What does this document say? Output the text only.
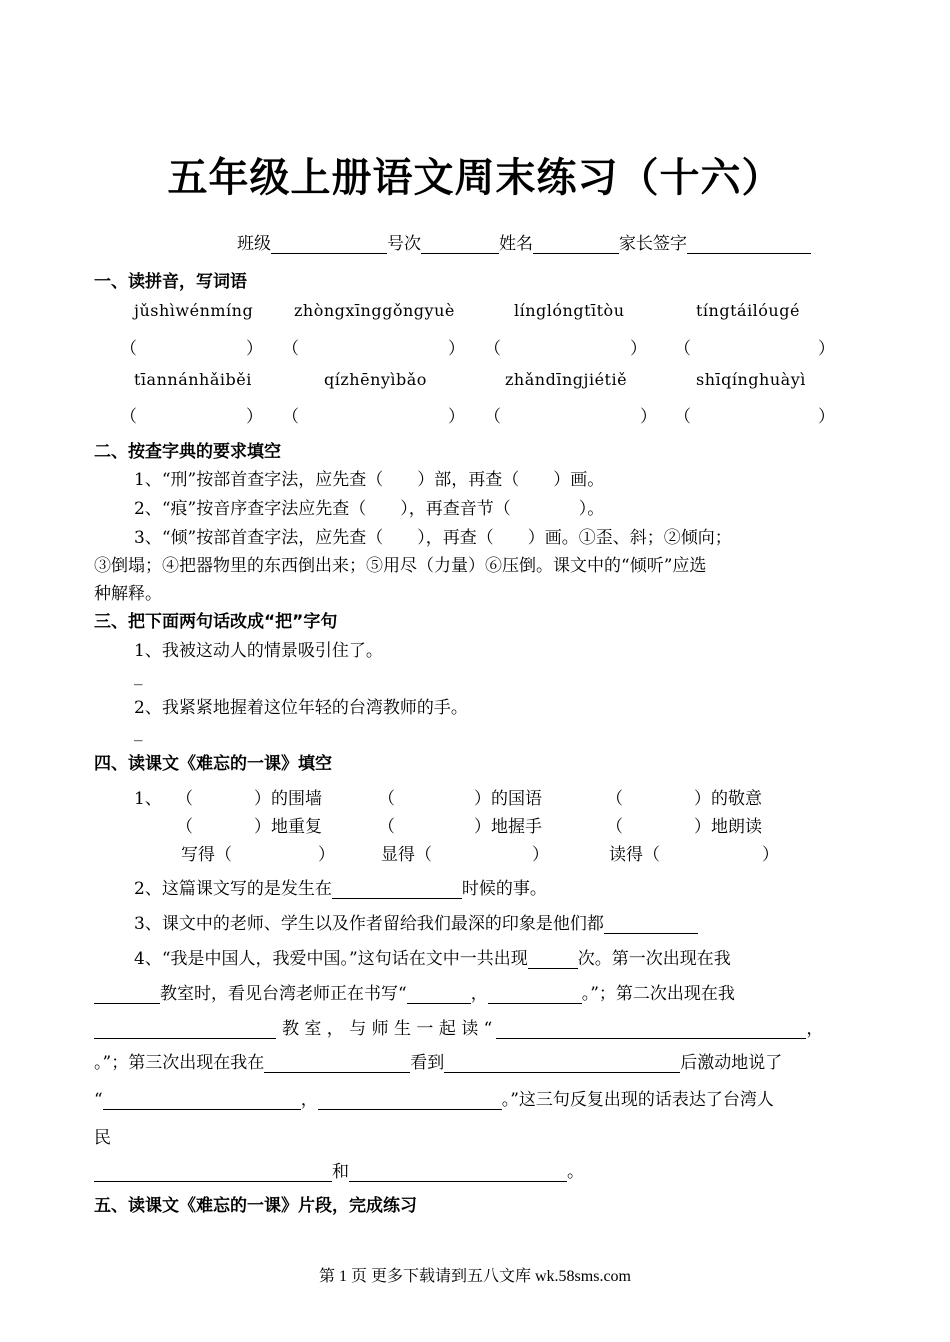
五年级上册语文周末练习（十六）
班级	号次	姓名	家长签字
一、读拼音，写词语
jǔshìwénmíng	zhòngxīnggǒngyuè	línglóngtītòu	tíngtáilóugé
（	） （	） （	） （	）
tīannánhǎiběi	qízhēnyìbǎo	zhǎndīngjiétiě	shīqínghuàyì
（	） （	） （	） （	）
二、按查字典的要求填空
1、“刑”按部首查字法，应先查（　　）部，再查（　　）画。
2、“痕”按音序查字法应先查（　　），再查音节（　　　　）。
3、“倾”按部首查字法，应先查（　　），再查（　　）画。①歪、斜；②倾向；
③倒塌；④把器物里的东西倒出来；⑤用尽（力量）⑥压倒。课文中的“倾听”应选
种解释。
三、把下面两句话改成“把”字句
1、我被这动人的情景吸引住了。
_
2、我紧紧地握着这位年轻的台湾教师的手。
_
四、读课文《难忘的一课》填空
1、 （	）的围墙	（	）的国语	（	）的敬意
（	）地重复	（	）地握手	（	）地朗读
写得（	）	显得（	）	读得（	）
2、这篇课文写的是发生在	时候的事。
3、课文中的老师、学生以及作者留给我们最深的印象是他们都
4、“我是中国人，我爱中国。”这句话在文中一共出现	次。第一次出现在我
教室时，看见台湾老师正在书写“	，	。”；第二次出现在我
教 室 ， 与 师 生 一 起 读 “	，
。”；第三次出现在我在	看到	后激动地说了
“	，	。”这三句反复出现的话表达了台湾人
民
和	。
五、读课文《难忘的一课》片段，完成练习
第 1 页 更多下载请到五八文库 wk.58sms.com
